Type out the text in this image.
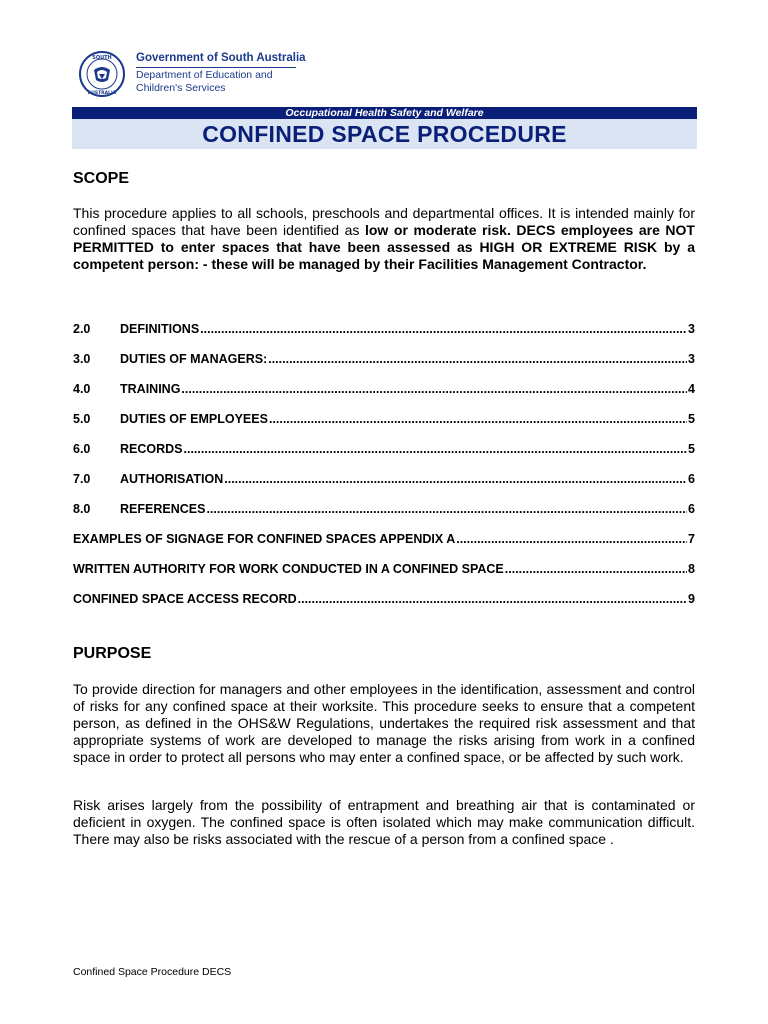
SOUTH
AUSTRALIA
Government of South Australia
Department of Education and
Children's Services
Occupational Health Safety and Welfare
CONFINED SPACE PROCEDURE
SCOPE
This procedure applies to all schools, preschools and departmental offices. It is intended mainly for confined spaces that have been identified as low or moderate risk. DECS employees are NOT PERMITTED to enter spaces that have been assessed as HIGH OR EXTREME RISK by a competent person: - these will be managed by their Facilities Management Contractor.
2.0	DEFINITIONS .....	3
3.0	DUTIES OF MANAGERS: .....	3
4.0	TRAINING .....	4
5.0	DUTIES OF EMPLOYEES .....	5
6.0	RECORDS .....	5
7.0	AUTHORISATION .....	6
8.0	REFERENCES .....	6
EXAMPLES OF SIGNAGE FOR CONFINED SPACES APPENDIX A .....	7
WRITTEN AUTHORITY FOR WORK CONDUCTED IN A CONFINED SPACE .....	8
CONFINED SPACE ACCESS RECORD .....	9
PURPOSE
To provide direction for managers and other employees in the identification, assessment and control of risks for any confined space at their worksite. This procedure seeks to ensure that a competent person, as defined in the OHS&W Regulations, undertakes the required risk assessment and that appropriate systems of work are developed to manage the risks arising from work in a confined space in order to protect all persons who may enter a confined space, or be affected by such work.
Risk arises largely from the possibility of entrapment and breathing air that is contaminated or deficient in oxygen. The confined space is often isolated which may make communication difficult. There may also be risks associated with the rescue of a person from a confined space .
Confined Space Procedure DECS
